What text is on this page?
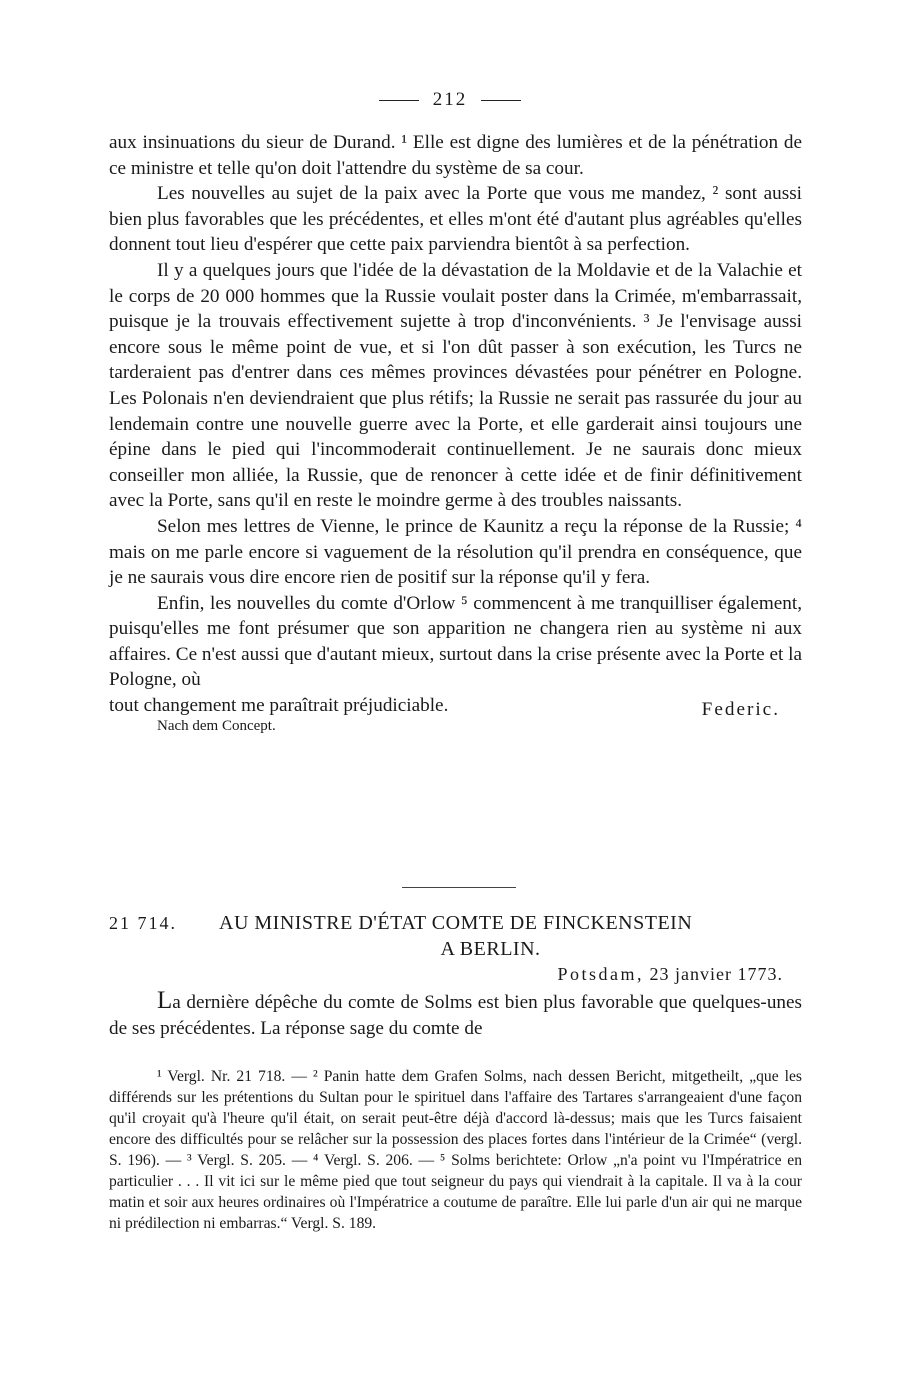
212

aux insinuations du sieur de Durand. ¹ Elle est digne des lumières et de la pénétration de ce ministre et telle qu'on doit l'attendre du système de sa cour.

Les nouvelles au sujet de la paix avec la Porte que vous me mandez, ² sont aussi bien plus favorables que les précédentes, et elles m'ont été d'autant plus agréables qu'elles donnent tout lieu d'espérer que cette paix parviendra bientôt à sa perfection.

Il y a quelques jours que l'idée de la dévastation de la Moldavie et de la Valachie et le corps de 20 000 hommes que la Russie voulait poster dans la Crimée, m'embarrassait, puisque je la trouvais effectivement sujette à trop d'inconvénients. ³ Je l'envisage aussi encore sous le même point de vue, et si l'on dût passer à son exécution, les Turcs ne tarderaient pas d'entrer dans ces mêmes provinces dévastées pour pénétrer en Pologne. Les Polonais n'en deviendraient que plus rétifs; la Russie ne serait pas rassurée du jour au lendemain contre une nouvelle guerre avec la Porte, et elle garderait ainsi toujours une épine dans le pied qui l'incommoderait continuellement. Je ne saurais donc mieux conseiller mon alliée, la Russie, que de renoncer à cette idée et de finir définitivement avec la Porte, sans qu'il en reste le moindre germe à des troubles naissants.

Selon mes lettres de Vienne, le prince de Kaunitz a reçu la réponse de la Russie; ⁴ mais on me parle encore si vaguement de la résolution qu'il prendra en conséquence, que je ne saurais vous dire encore rien de positif sur la réponse qu'il y fera.

Enfin, les nouvelles du comte d'Orlow ⁵ commencent à me tranquilliser également, puisqu'elles me font présumer que son apparition ne changera rien au système ni aux affaires. Ce n'est aussi que d'autant mieux, surtout dans la crise présente avec la Porte et la Pologne, où

tout changement me paraîtrait préjudiciable.	Federic.
Nach dem Concept.
21 714.	AU MINISTRE D'ÉTAT COMTE DE FINCKENSTEIN
A BERLIN.
Potsdam, 23 janvier 1773.

La dernière dépêche du comte de Solms est bien plus favorable que quelques-unes de ses précédentes. La réponse sage du comte de

¹ Vergl. Nr. 21 718. — ² Panin hatte dem Grafen Solms, nach dessen Bericht, mitgetheilt, „que les différends sur les prétentions du Sultan pour le spirituel dans l'affaire des Tartares s'arrangeaient d'une façon qu'il croyait qu'à l'heure qu'il était, on serait peut-être déjà d'accord là-dessus; mais que les Turcs faisaient encore des difficultés pour se relâcher sur la possession des places fortes dans l'intérieur de la Crimée“ (vergl. S. 196). — ³ Vergl. S. 205. — ⁴ Vergl. S. 206. — ⁵ Solms berichtete: Orlow „n'a point vu l'Impératrice en particulier . . . Il vit ici sur le même pied que tout seigneur du pays qui viendrait à la capitale. Il va à la cour matin et soir aux heures ordinaires où l'Impératrice a coutume de paraître. Elle lui parle d'un air qui ne marque ni prédilection ni embarras.“ Vergl. S. 189.
